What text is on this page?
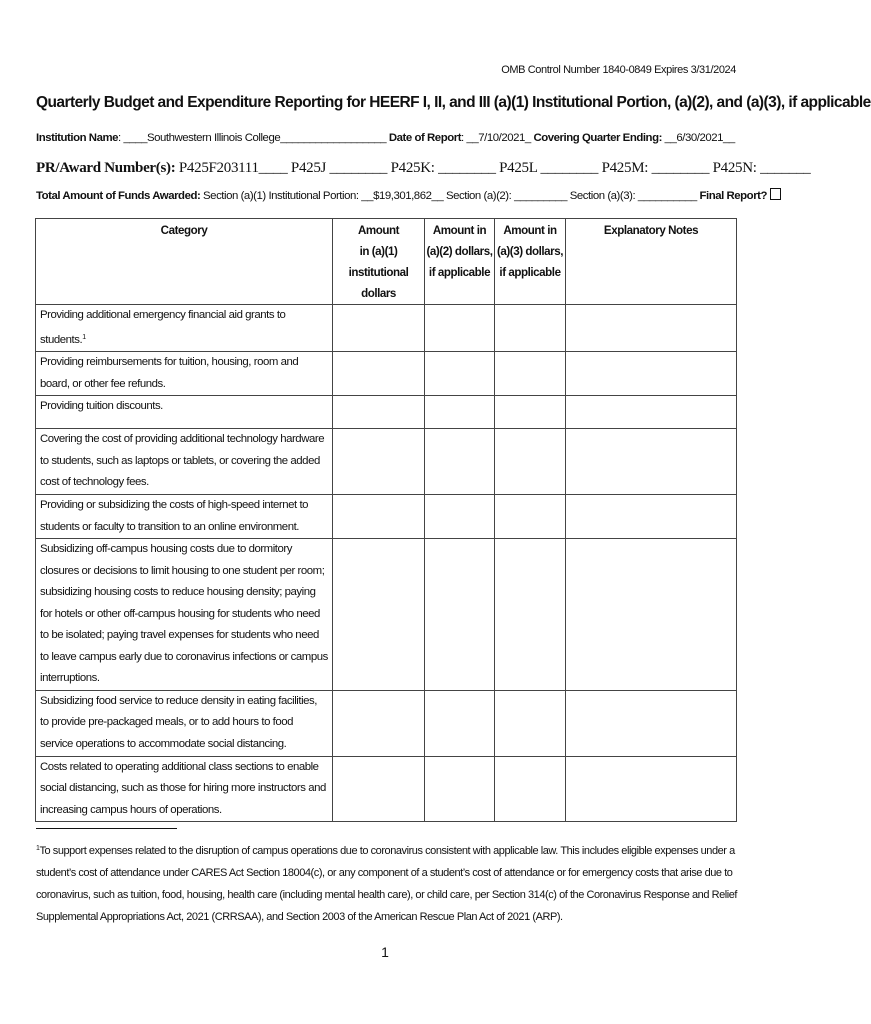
OMB Control Number 1840-0849 Expires 3/31/2024
Quarterly Budget and Expenditure Reporting for HEERF I, II, and III (a)(1) Institutional Portion, (a)(2), and (a)(3), if applicable
Institution Name: ____Southwestern Illinois College__________________ Date of Report: __7/10/2021_ Covering Quarter Ending: __6/30/2021__
PR/Award Number(s): P425F203111____ P425J ________ P425K: ________ P425L ________ P425M: ________ P425N: _______
Total Amount of Funds Awarded: Section (a)(1) Institutional Portion: __$19,301,862__ Section (a)(2): _________ Section (a)(3): __________ Final Report?
Category	Amount
in (a)(1)
institutional dollars	Amount in
(a)(2) dollars,
if applicable	Amount in
(a)(3) dollars,
if applicable	Explanatory Notes
Providing additional emergency financial aid grants to students.$^1$				
Providing reimbursements for tuition, housing, room and board, or other fee refunds.				
Providing tuition discounts.				
Covering the cost of providing additional technology hardware to students, such as laptops or tablets, or covering the added cost of technology fees.				
Providing or subsidizing the costs of high-speed internet to students or faculty to transition to an online environment.				
Subsidizing off-campus housing costs due to dormitory closures or decisions to limit housing to one student per room; subsidizing housing costs to reduce housing density; paying for hotels or other off-campus housing for students who need to be isolated; paying travel expenses for students who need to leave campus early due to coronavirus infections or campus interruptions.				
Subsidizing food service to reduce density in eating facilities, to provide pre-packaged meals, or to add hours to food service operations to accommodate social distancing.				
Costs related to operating additional class sections to enable social distancing, such as those for hiring more instructors and increasing campus hours of operations.				
$^1$To support expenses related to the disruption of campus operations due to coronavirus consistent with applicable law. This includes eligible expenses under a student’s cost of attendance under CARES Act Section 18004(c), or any component of a student’s cost of attendance or for emergency costs that arise due to coronavirus, such as tuition, food, housing, health care (including mental health care), or child care, per Section 314(c) of the Coronavirus Response and Relief Supplemental Appropriations Act, 2021 (CRRSAA), and Section 2003 of the American Rescue Plan Act of 2021 (ARP).
1
